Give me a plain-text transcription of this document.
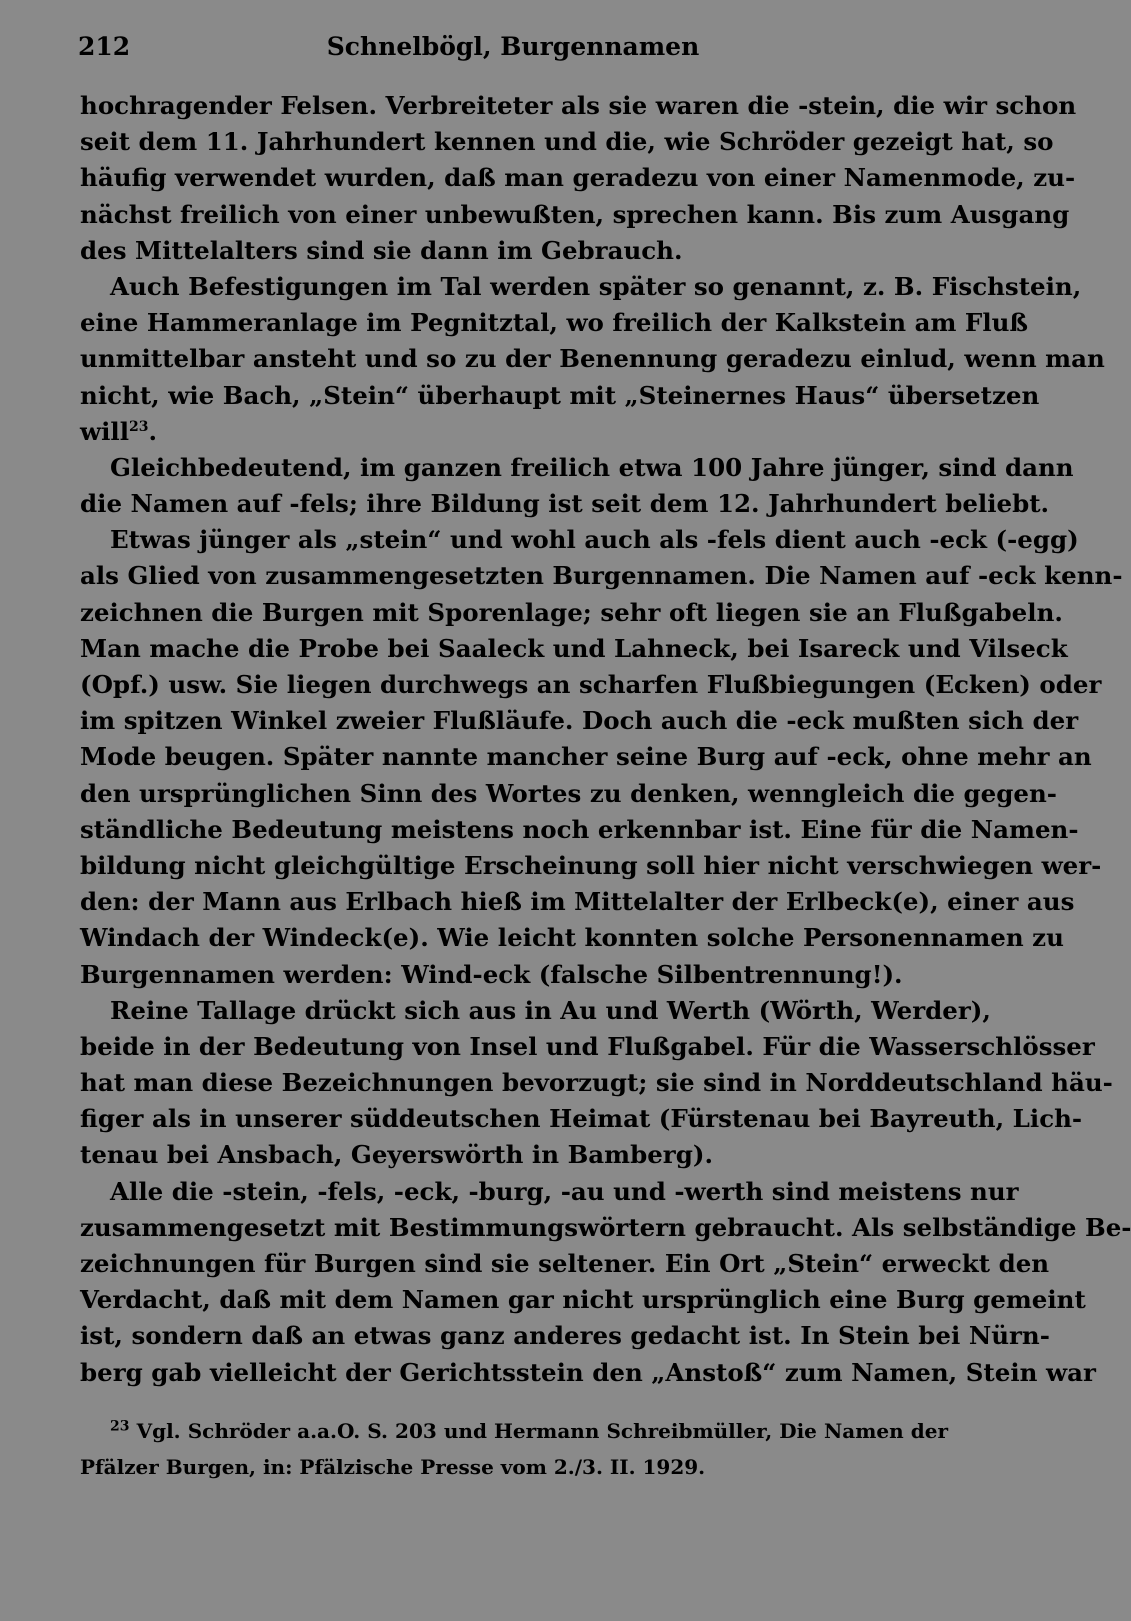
212	Schnelbögl, Burgennamen
hochragender Felsen. Verbreiteter als sie waren die -stein, die wir schon
seit dem 11. Jahrhundert kennen und die, wie Schröder gezeigt hat, so
häufig verwendet wurden, daß man geradezu von einer Namenmode, zu-
nächst freilich von einer unbewußten, sprechen kann. Bis zum Ausgang
des Mittelalters sind sie dann im Gebrauch.
Auch Befestigungen im Tal werden später so genannt, z. B. Fischstein,
eine Hammeranlage im Pegnitztal, wo freilich der Kalkstein am Fluß
unmittelbar ansteht und so zu der Benennung geradezu einlud, wenn man
nicht, wie Bach, „Stein“ überhaupt mit „Steinernes Haus“ übersetzen
will$^{23}$.
Gleichbedeutend, im ganzen freilich etwa 100 Jahre jünger, sind dann
die Namen auf -fels; ihre Bildung ist seit dem 12. Jahrhundert beliebt.
Etwas jünger als „stein“ und wohl auch als -fels dient auch -eck (-egg)
als Glied von zusammengesetzten Burgennamen. Die Namen auf -eck kenn-
zeichnen die Burgen mit Sporenlage; sehr oft liegen sie an Flußgabeln.
Man mache die Probe bei Saaleck und Lahneck, bei Isareck und Vilseck
(Opf.) usw. Sie liegen durchwegs an scharfen Flußbiegungen (Ecken) oder
im spitzen Winkel zweier Flußläufe. Doch auch die -eck mußten sich der
Mode beugen. Später nannte mancher seine Burg auf -eck, ohne mehr an
den ursprünglichen Sinn des Wortes zu denken, wenngleich die gegen-
ständliche Bedeutung meistens noch erkennbar ist. Eine für die Namen-
bildung nicht gleichgültige Erscheinung soll hier nicht verschwiegen wer-
den: der Mann aus Erlbach hieß im Mittelalter der Erlbeck(e), einer aus
Windach der Windeck(e). Wie leicht konnten solche Personennamen zu
Burgennamen werden: Wind-eck (falsche Silbentrennung!).
Reine Tallage drückt sich aus in Au und Werth (Wörth, Werder),
beide in der Bedeutung von Insel und Flußgabel. Für die Wasserschlösser
hat man diese Bezeichnungen bevorzugt; sie sind in Norddeutschland häu-
figer als in unserer süddeutschen Heimat (Fürstenau bei Bayreuth, Lich-
tenau bei Ansbach, Geyerswörth in Bamberg).
Alle die -stein, -fels, -eck, -burg, -au und -werth sind meistens nur
zusammengesetzt mit Bestimmungswörtern gebraucht. Als selbständige Be-
zeichnungen für Burgen sind sie seltener. Ein Ort „Stein“ erweckt den
Verdacht, daß mit dem Namen gar nicht ursprünglich eine Burg gemeint
ist, sondern daß an etwas ganz anderes gedacht ist. In Stein bei Nürn-
berg gab vielleicht der Gerichtsstein den „Anstoß“ zum Namen, Stein war
$^{23}$ Vgl. Schröder a.a.O. S. 203 und Hermann Schreibmüller, Die Namen der
Pfälzer Burgen, in: Pfälzische Presse vom 2./3. II. 1929.
